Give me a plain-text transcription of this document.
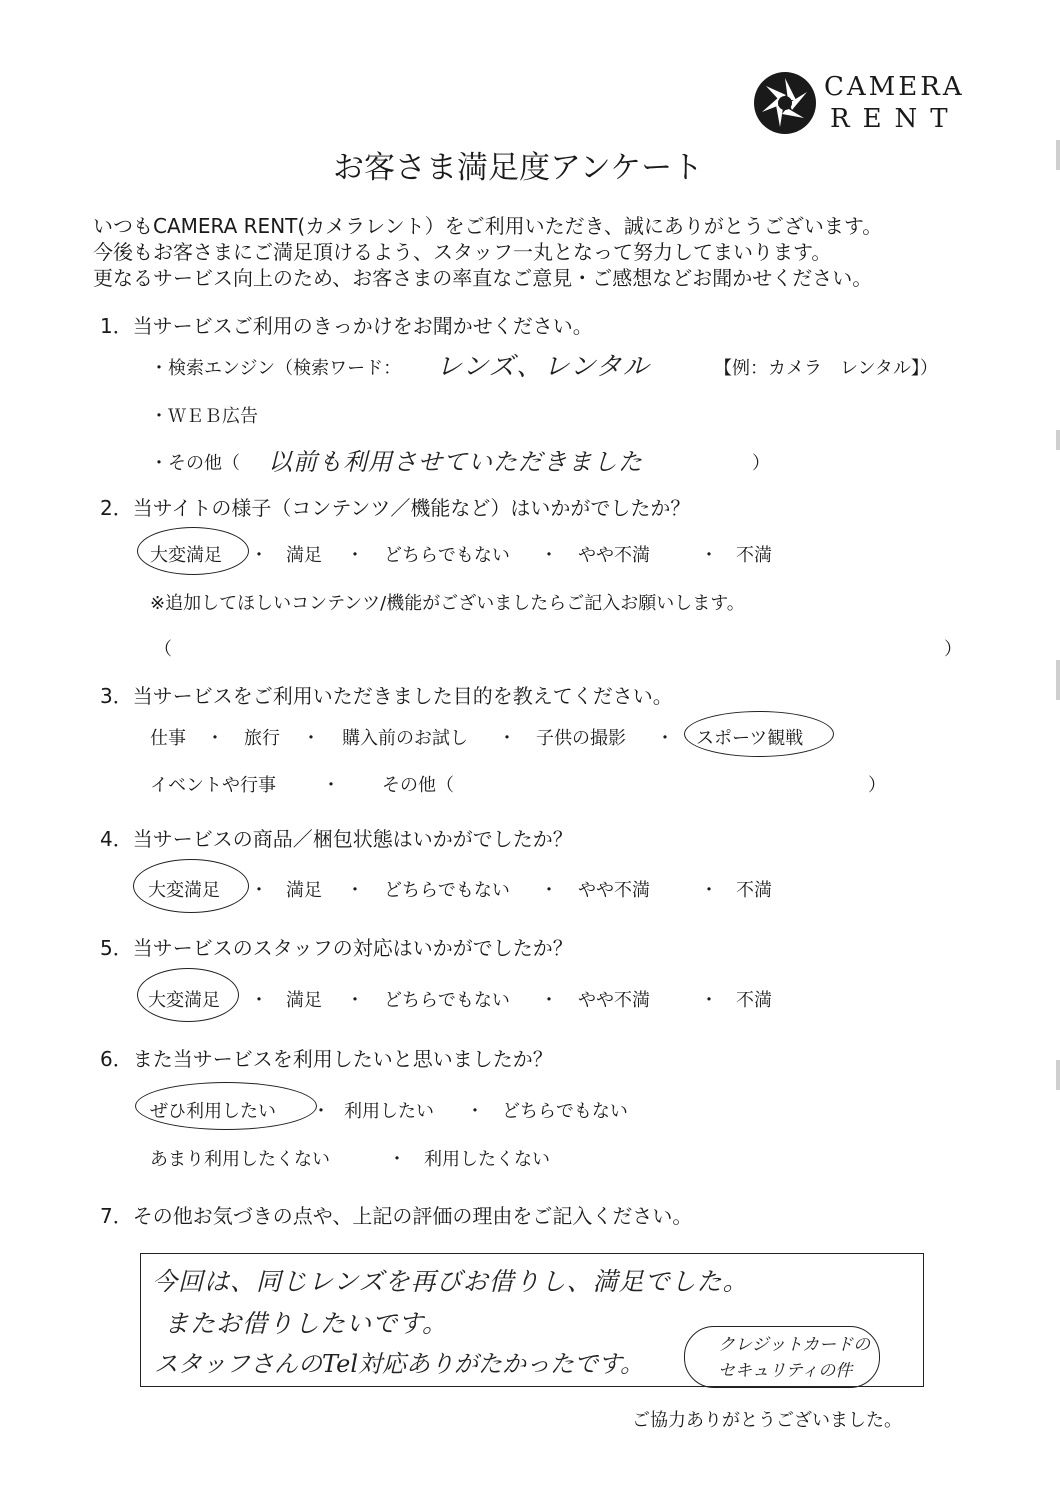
CAMERA
RENT
お客さま満足度アンケート
いつもCAMERA RENT(カメラレント）をご利用いただき、誠にありがとうございます。
今後もお客さまにご満足頂けるよう、スタッフ一丸となって努力してまいります。
更なるサービス向上のため、お客さまの率直なご意見・ご感想などお聞かせください。
1．当サービスご利用のきっかけをお聞かせください。
・検索エンジン（検索ワード： レンズ、レンタル	【例：カメラ　レンタル】）
・ＷＥＢ広告
・その他（ 以前も利用させていただきました	）
2．当サイトの様子（コンテンツ／機能など）はいかがでしたか？
大変満足 ・ 満足 ・ どちらでもない ・ やや不満	・ 不満
※追加してほしいコンテンツ/機能がございましたらご記入お願いします。
（	）
3．当サービスをご利用いただきました目的を教えてください。
仕事 ・ 旅行 ・ 購入前のお試し ・ 子供の撮影 ・ スポーツ観戦
イベントや行事	・ その他（	）
4．当サービスの商品／梱包状態はいかがでしたか？
大変満足 ・ 満足 ・ どちらでもない ・ やや不満	・ 不満
5．当サービスのスタッフの対応はいかがでしたか？
大変満足 ・ 満足 ・ どちらでもない ・ やや不満	・ 不満
6．また当サービスを利用したいと思いましたか？
ぜひ利用したい ・ 利用したい ・ どちらでもない
あまり利用したくない	・ 利用したくない
7．その他お気づきの点や、上記の評価の理由をご記入ください。
今回は、同じレンズを再びお借りし、満足でした。
またお借りしたいです。
スタッフさんのTel対応ありがたかったです。
クレジットカードの
セキュリティの件
ご協力ありがとうございました。
